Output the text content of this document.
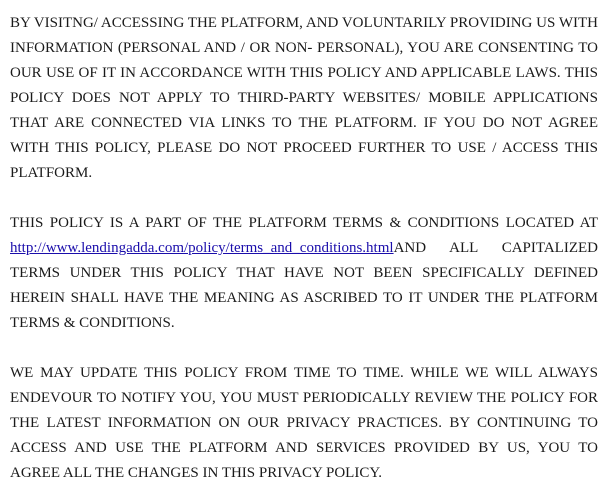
BY VISITNG/ ACCESSING THE PLATFORM, AND VOLUNTARILY PROVIDING US WITH INFORMATION (PERSONAL AND / OR NON- PERSONAL), YOU ARE CONSENTING TO OUR USE OF IT IN ACCORDANCE WITH THIS POLICY AND APPLICABLE LAWS. THIS POLICY DOES NOT APPLY TO THIRD-PARTY WEBSITES/ MOBILE APPLICATIONS THAT ARE CONNECTED VIA LINKS TO THE PLATFORM. IF YOU DO NOT AGREE WITH THIS POLICY, PLEASE DO NOT PROCEED FURTHER TO USE / ACCESS THIS PLATFORM.

THIS POLICY IS A PART OF THE PLATFORM TERMS & CONDITIONS LOCATED AT http://www.lendingadda.com/policy/terms_and_conditions.htmlAND ALL CAPITALIZED TERMS UNDER THIS POLICY THAT HAVE NOT BEEN SPECIFICALLY DEFINED HEREIN SHALL HAVE THE MEANING AS ASCRIBED TO IT UNDER THE PLATFORM TERMS & CONDITIONS.

WE MAY UPDATE THIS POLICY FROM TIME TO TIME. WHILE WE WILL ALWAYS ENDEVOUR TO NOTIFY YOU, YOU MUST PERIODICALLY REVIEW THE POLICY FOR THE LATEST INFORMATION ON OUR PRIVACY PRACTICES. BY CONTINUING TO ACCESS AND USE THE PLATFORM AND SERVICES PROVIDED BY US, YOU TO AGREE ALL THE CHANGES IN THIS PRIVACY POLICY.
